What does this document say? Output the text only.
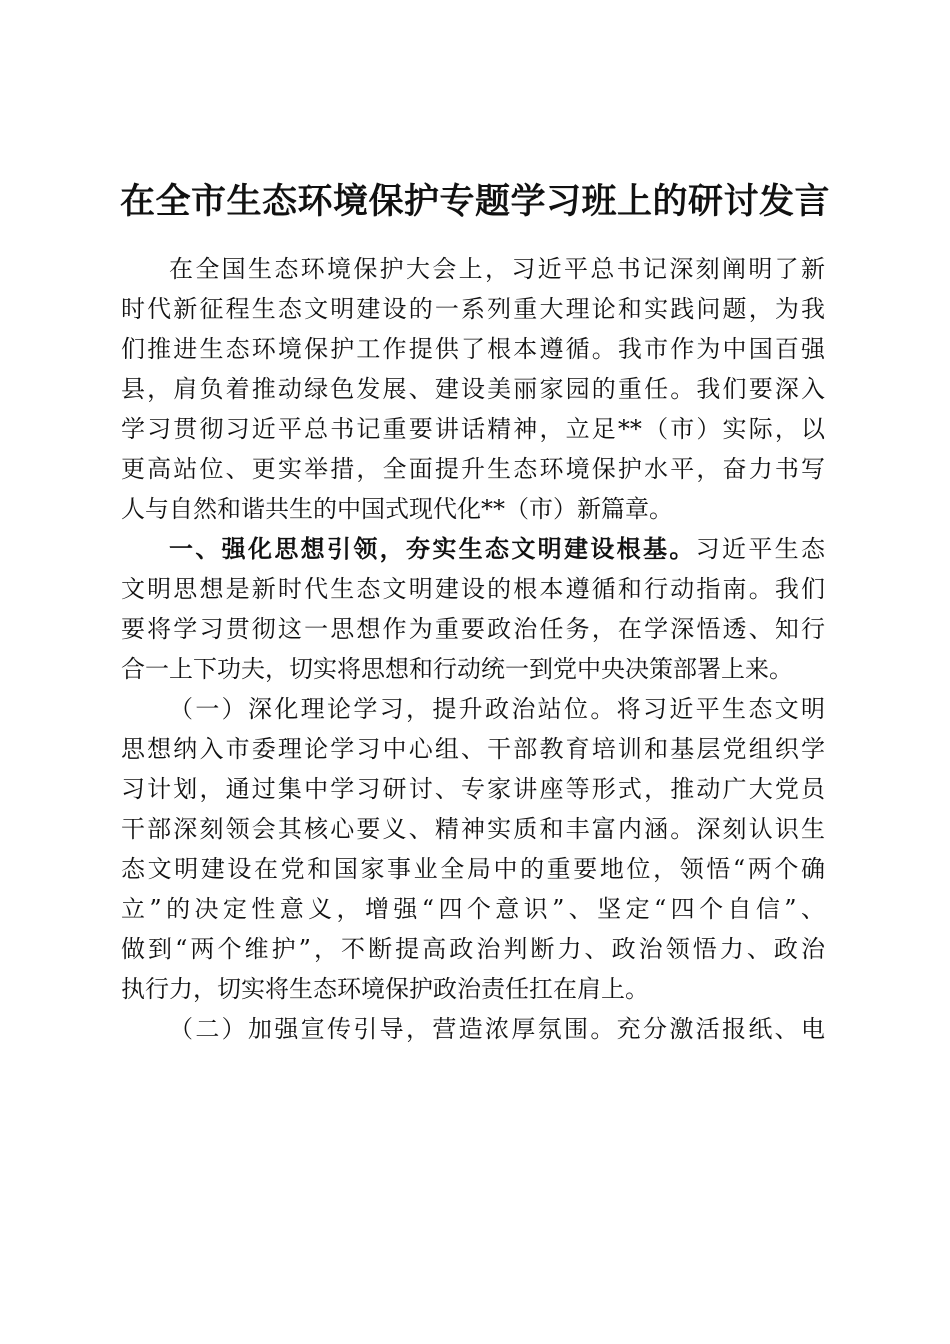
在全市生态环境保护专题学习班上的研讨发言
在全国生态环境保护大会上，习近平总书记深刻阐明了新
时代新征程生态文明建设的一系列重大理论和实践问题，为我
们推进生态环境保护工作提供了根本遵循。我市作为中国百强
县，肩负着推动绿色发展、建设美丽家园的重任。我们要深入
学习贯彻习近平总书记重要讲话精神，立足**（市）实际，以
更高站位、更实举措，全面提升生态环境保护水平，奋力书写
人与自然和谐共生的中国式现代化**（市）新篇章。
一、强化思想引领，夯实生态文明建设根基。习近平生态
文明思想是新时代生态文明建设的根本遵循和行动指南。我们
要将学习贯彻这一思想作为重要政治任务，在学深悟透、知行
合一上下功夫，切实将思想和行动统一到党中央决策部署上来。
（一）深化理论学习，提升政治站位。将习近平生态文明
思想纳入市委理论学习中心组、干部教育培训和基层党组织学
习计划，通过集中学习研讨、专家讲座等形式，推动广大党员
干部深刻领会其核心要义、精神实质和丰富内涵。深刻认识生
态文明建设在党和国家事业全局中的重要地位，领悟“两个确
立”的决定性意义，增强“四个意识”、坚定“四个自信”、
做到“两个维护”，不断提高政治判断力、政治领悟力、政治
执行力，切实将生态环境保护政治责任扛在肩上。
（二）加强宣传引导，营造浓厚氛围。充分激活报纸、电
